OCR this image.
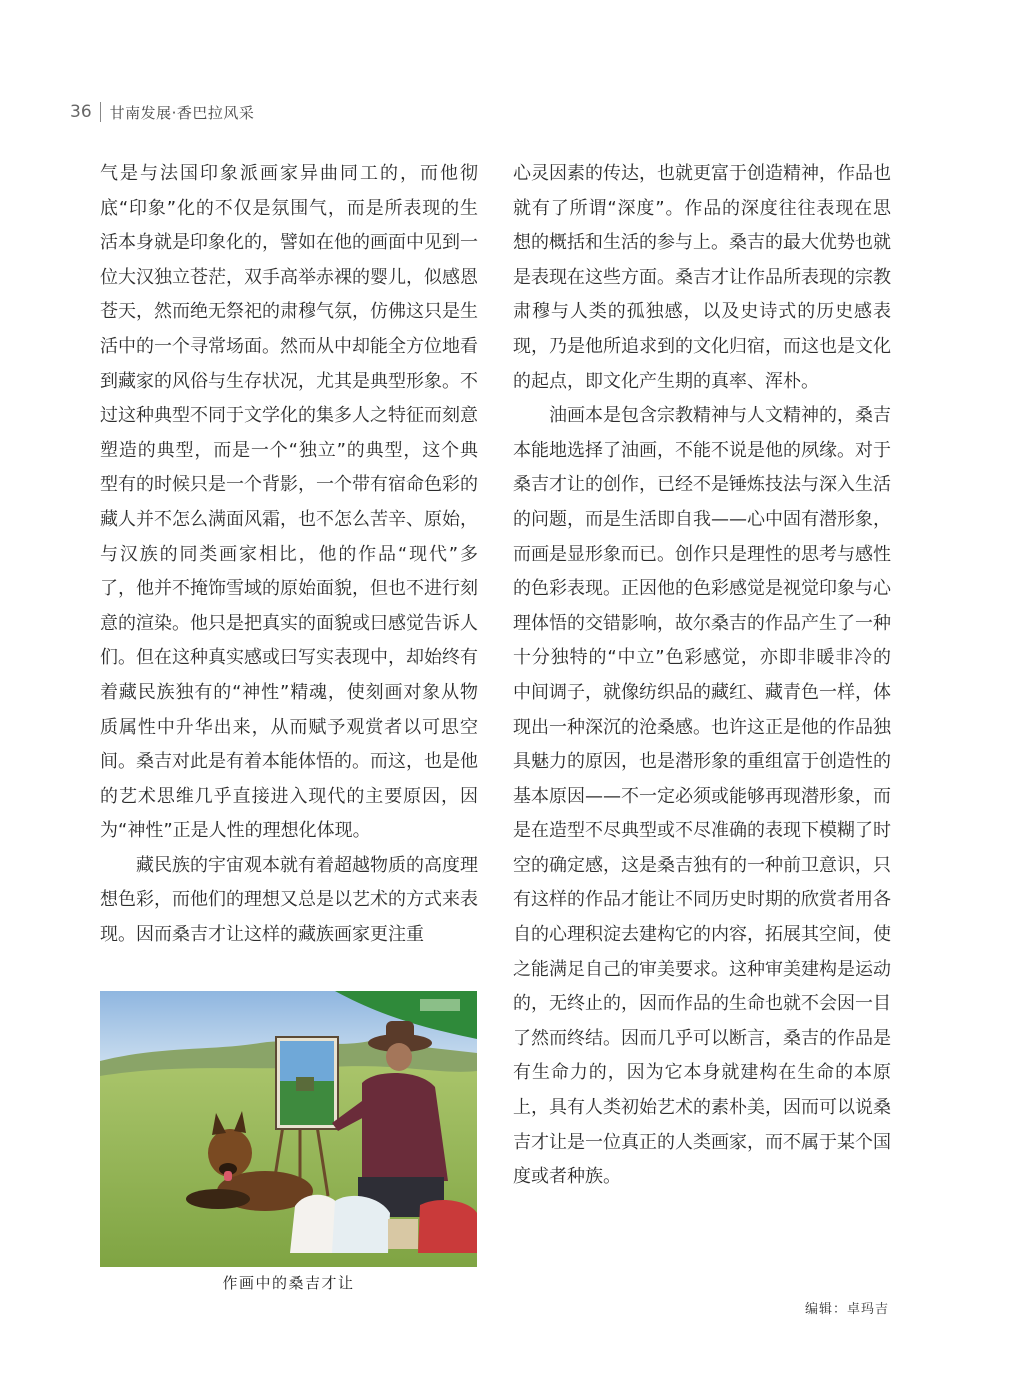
36 甘南发展·香巴拉风采

气是与法国印象派画家异曲同工的，而他彻底“印象”化的不仅是氛围气，而是所表现的生活本身就是印象化的，譬如在他的画面中见到一位大汉独立苍茫，双手高举赤裸的婴儿，似感恩苍天，然而绝无祭祀的肃穆气氛，仿佛这只是生活中的一个寻常场面。然而从中却能全方位地看到藏家的风俗与生存状况，尤其是典型形象。不过这种典型不同于文学化的集多人之特征而刻意塑造的典型，而是一个“独立”的典型，这个典型有的时候只是一个背影，一个带有宿命色彩的藏人并不怎么满面风霜，也不怎么苦辛、原始，与汉族的同类画家相比，他的作品“现代”多了，他并不掩饰雪域的原始面貌，但也不进行刻意的渲染。他只是把真实的面貌或曰感觉告诉人们。但在这种真实感或曰写实表现中，却始终有着藏民族独有的“神性”精魂，使刻画对象从物质属性中升华出来，从而赋予观赏者以可思空间。桑吉对此是有着本能体悟的。而这，也是他的艺术思维几乎直接进入现代的主要原因，因为“神性”正是人性的理想化体现。

藏民族的宇宙观本就有着超越物质的高度理想色彩，而他们的理想又总是以艺术的方式来表现。因而桑吉才让这样的藏族画家更注重

心灵因素的传达，也就更富于创造精神，作品也就有了所谓“深度”。作品的深度往往表现在思想的概括和生活的参与上。桑吉的最大优势也就是表现在这些方面。桑吉才让作品所表现的宗教肃穆与人类的孤独感，以及史诗式的历史感表现，乃是他所追求到的文化归宿，而这也是文化的起点，即文化产生期的真率、浑朴。

油画本是包含宗教精神与人文精神的，桑吉本能地选择了油画，不能不说是他的夙缘。对于桑吉才让的创作，已经不是锤炼技法与深入生活的问题，而是生活即自我——心中固有潜形象，而画是显形象而已。创作只是理性的思考与感性的色彩表现。正因他的色彩感觉是视觉印象与心理体悟的交错影响，故尔桑吉的作品产生了一种十分独特的“中立”色彩感觉，亦即非暖非冷的中间调子，就像纺织品的藏红、藏青色一样，体现出一种深沉的沧桑感。也许这正是他的作品独具魅力的原因，也是潜形象的重组富于创造性的基本原因——不一定必须或能够再现潜形象，而是在造型不尽典型或不尽准确的表现下模糊了时空的确定感，这是桑吉独有的一种前卫意识，只有这样的作品才能让不同历史时期的欣赏者用各自的心理积淀去建构它的内容，拓展其空间，使之能满足自己的审美要求。这种审美建构是运动的，无终止的，因而作品的生命也就不会因一目了然而终结。因而几乎可以断言，桑吉的作品是有生命力的，因为它本身就建构在生命的本原上，具有人类初始艺术的素朴美，因而可以说桑吉才让是一位真正的人类画家，而不属于某个国度或者种族。

作画中的桑吉才让
编辑：卓玛吉
